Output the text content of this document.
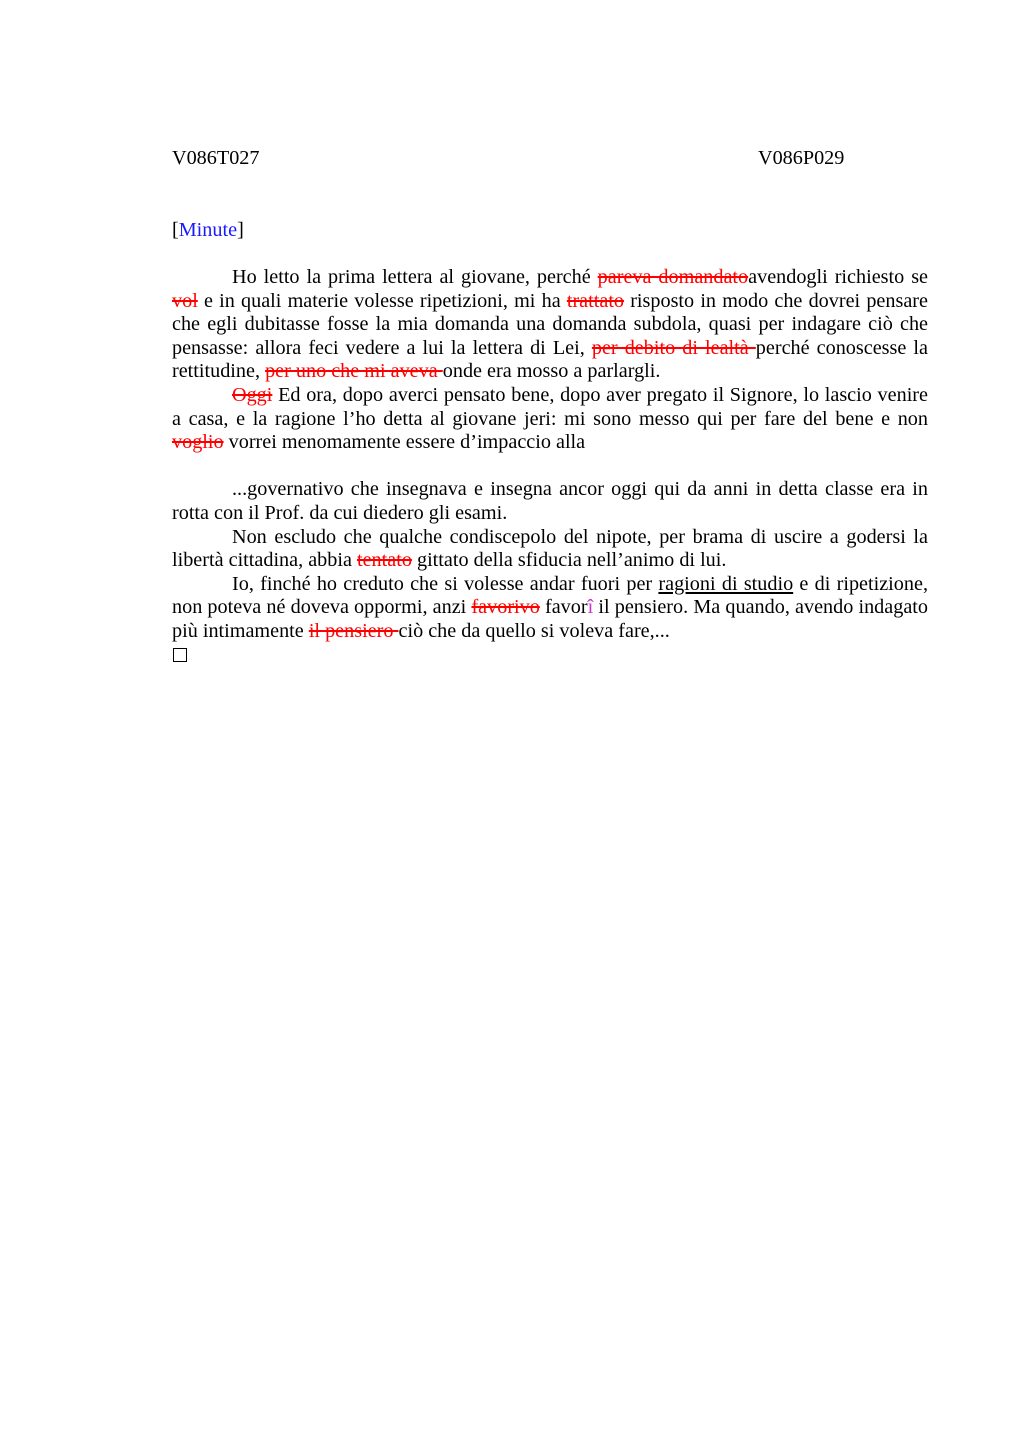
V086T027	V086P029
[Minute]

Ho letto la prima lettera al giovane, perché pareva domandatoavendogli richiesto se vol e in quali materie volesse ripetizioni, mi ha trattato risposto in modo che dovrei pensare che egli dubitasse fosse la mia domanda una domanda subdola, quasi per indagare ciò che pensasse: allora feci vedere a lui la lettera di Lei, per debito di lealtà perché conoscesse la rettitudine, per uno che mi aveva onde era mosso a parlargli.

Oggi Ed ora, dopo averci pensato bene, dopo aver pregato il Signore, lo lascio venire a casa, e la ragione l’ho detta al giovane jeri: mi sono messo qui per fare del bene e non voglio vorrei menomamente essere d’impaccio alla

...governativo che insegnava e insegna ancor oggi qui da anni in detta classe era in rotta con il Prof. da cui diedero gli esami.

Non escludo che qualche condiscepolo del nipote, per brama di uscire a godersi la libertà cittadina, abbia tentato gittato della sfiducia nell’animo di lui.

Io, finché ho creduto che si volesse andar fuori per ragioni di studio e di ripetizione, non poteva né doveva oppormi, anzi favorivo favorî il pensiero. Ma quando, avendo indagato più intimamente il pensiero ciò che da quello si voleva fare,...
